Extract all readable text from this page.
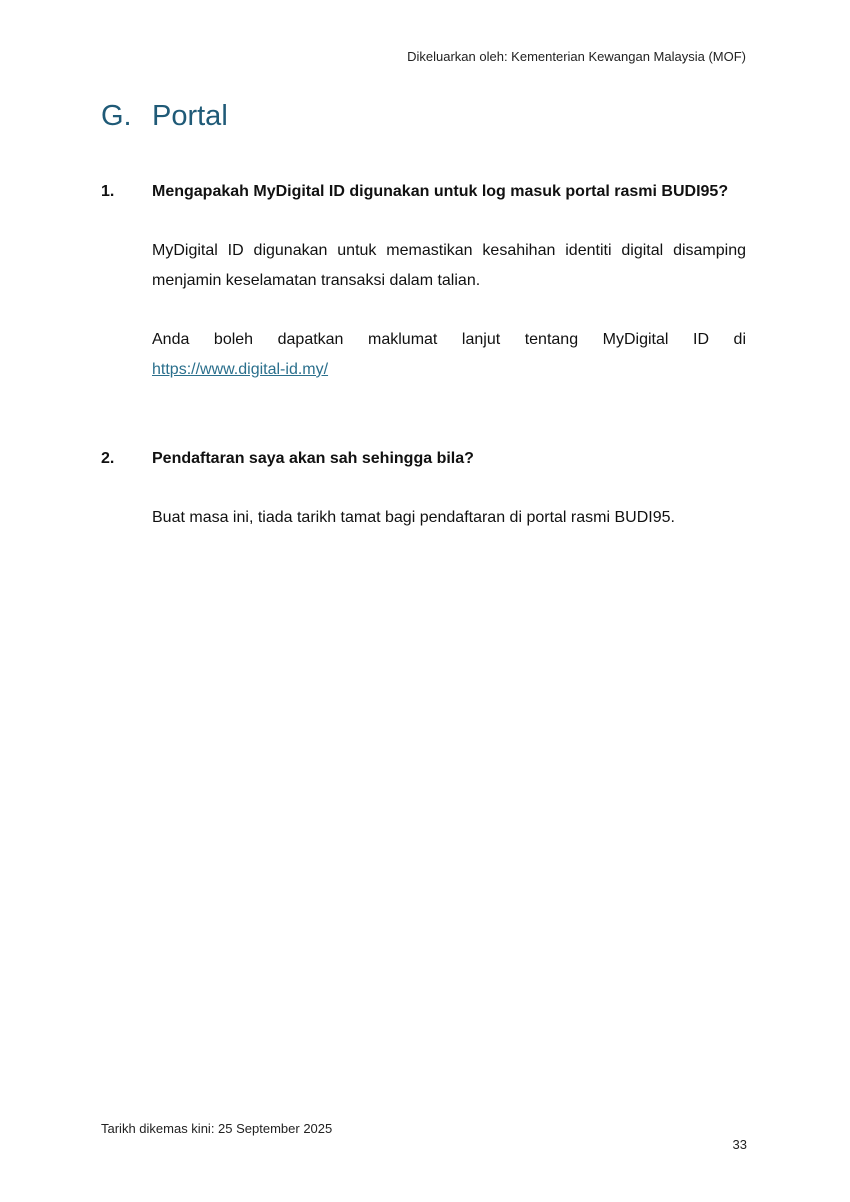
Dikeluarkan oleh: Kementerian Kewangan Malaysia (MOF)
G. Portal
1.	Mengapakah MyDigital ID digunakan untuk log masuk portal rasmi BUDI95?

MyDigital ID digunakan untuk memastikan kesahihan identiti digital disamping menjamin keselamatan transaksi dalam talian.

Anda boleh dapatkan maklumat lanjut tentang MyDigital ID di
https://www.digital-id.my/

2.	Pendaftaran saya akan sah sehingga bila?

Buat masa ini, tiada tarikh tamat bagi pendaftaran di portal rasmi BUDI95.

Tarikh dikemas kini: 25 September 2025
33
